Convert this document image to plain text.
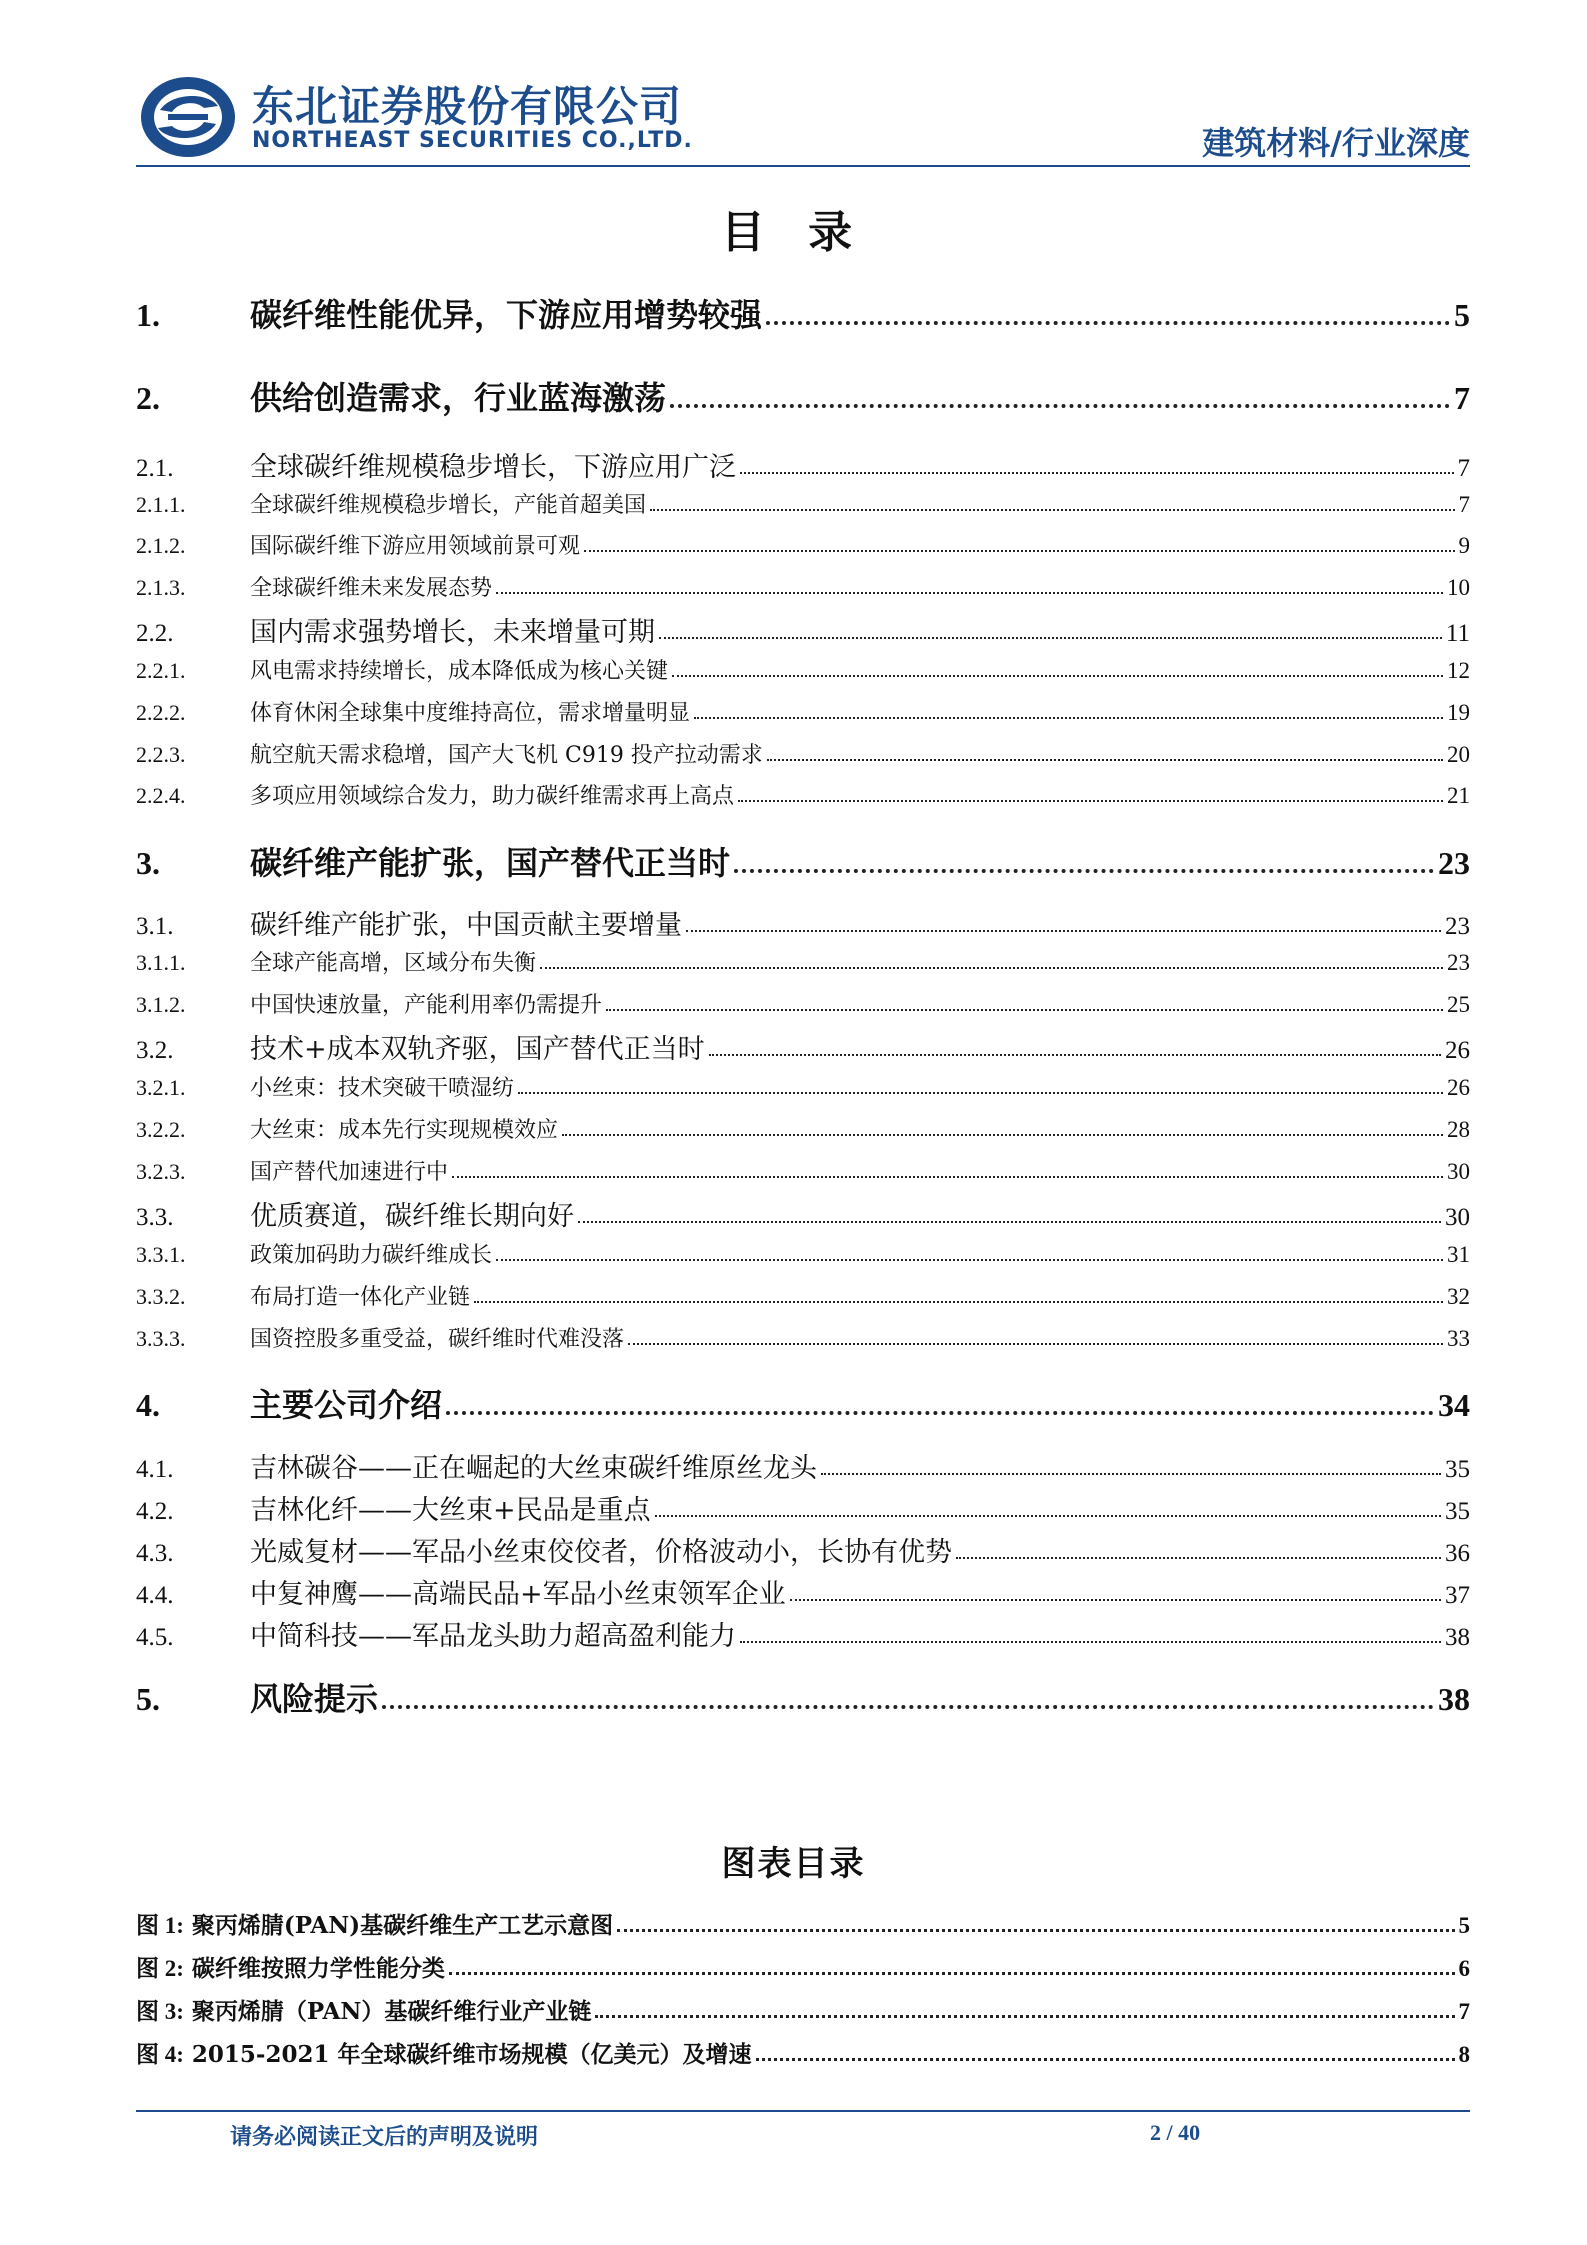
东北证券股份有限公司
NORTHEAST SECURITIES CO.,LTD.	建筑材料/行业深度
目 录
1.	碳纤维性能优异，下游应用增势较强	5
2.	供给创造需求，行业蓝海激荡	7
2.1.	全球碳纤维规模稳步增长，下游应用广泛	7
2.1.1.	全球碳纤维规模稳步增长，产能首超美国	7
2.1.2.	国际碳纤维下游应用领域前景可观	9
2.1.3.	全球碳纤维未来发展态势	10
2.2.	国内需求强势增长，未来增量可期	11
2.2.1.	风电需求持续增长，成本降低成为核心关键	12
2.2.2.	体育休闲全球集中度维持高位，需求增量明显	19
2.2.3.	航空航天需求稳增，国产大飞机 C919 投产拉动需求	20
2.2.4.	多项应用领域综合发力，助力碳纤维需求再上高点	21
3.	碳纤维产能扩张，国产替代正当时	23
3.1.	碳纤维产能扩张，中国贡献主要增量	23
3.1.1.	全球产能高增，区域分布失衡	23
3.1.2.	中国快速放量，产能利用率仍需提升	25
3.2.	技术+成本双轨齐驱，国产替代正当时	26
3.2.1.	小丝束：技术突破干喷湿纺	26
3.2.2.	大丝束：成本先行实现规模效应	28
3.2.3.	国产替代加速进行中	30
3.3.	优质赛道，碳纤维长期向好	30
3.3.1.	政策加码助力碳纤维成长	31
3.3.2.	布局打造一体化产业链	32
3.3.3.	国资控股多重受益，碳纤维时代难没落	33
4.	主要公司介绍	34
4.1.	吉林碳谷——正在崛起的大丝束碳纤维原丝龙头	35
4.2.	吉林化纤——大丝束+民品是重点	35
4.3.	光威复材——军品小丝束佼佼者，价格波动小，长协有优势	36
4.4.	中复神鹰——高端民品+军品小丝束领军企业	37
4.5.	中简科技——军品龙头助力超高盈利能力	38
5.	风险提示	38
图表目录
图 1: 聚丙烯腈(PAN)基碳纤维生产工艺示意图	5
图 2: 碳纤维按照力学性能分类	6
图 3: 聚丙烯腈（PAN）基碳纤维行业产业链	7
图 4: 2015-2021 年全球碳纤维市场规模（亿美元）及增速	8
请务必阅读正文后的声明及说明	2 / 40
